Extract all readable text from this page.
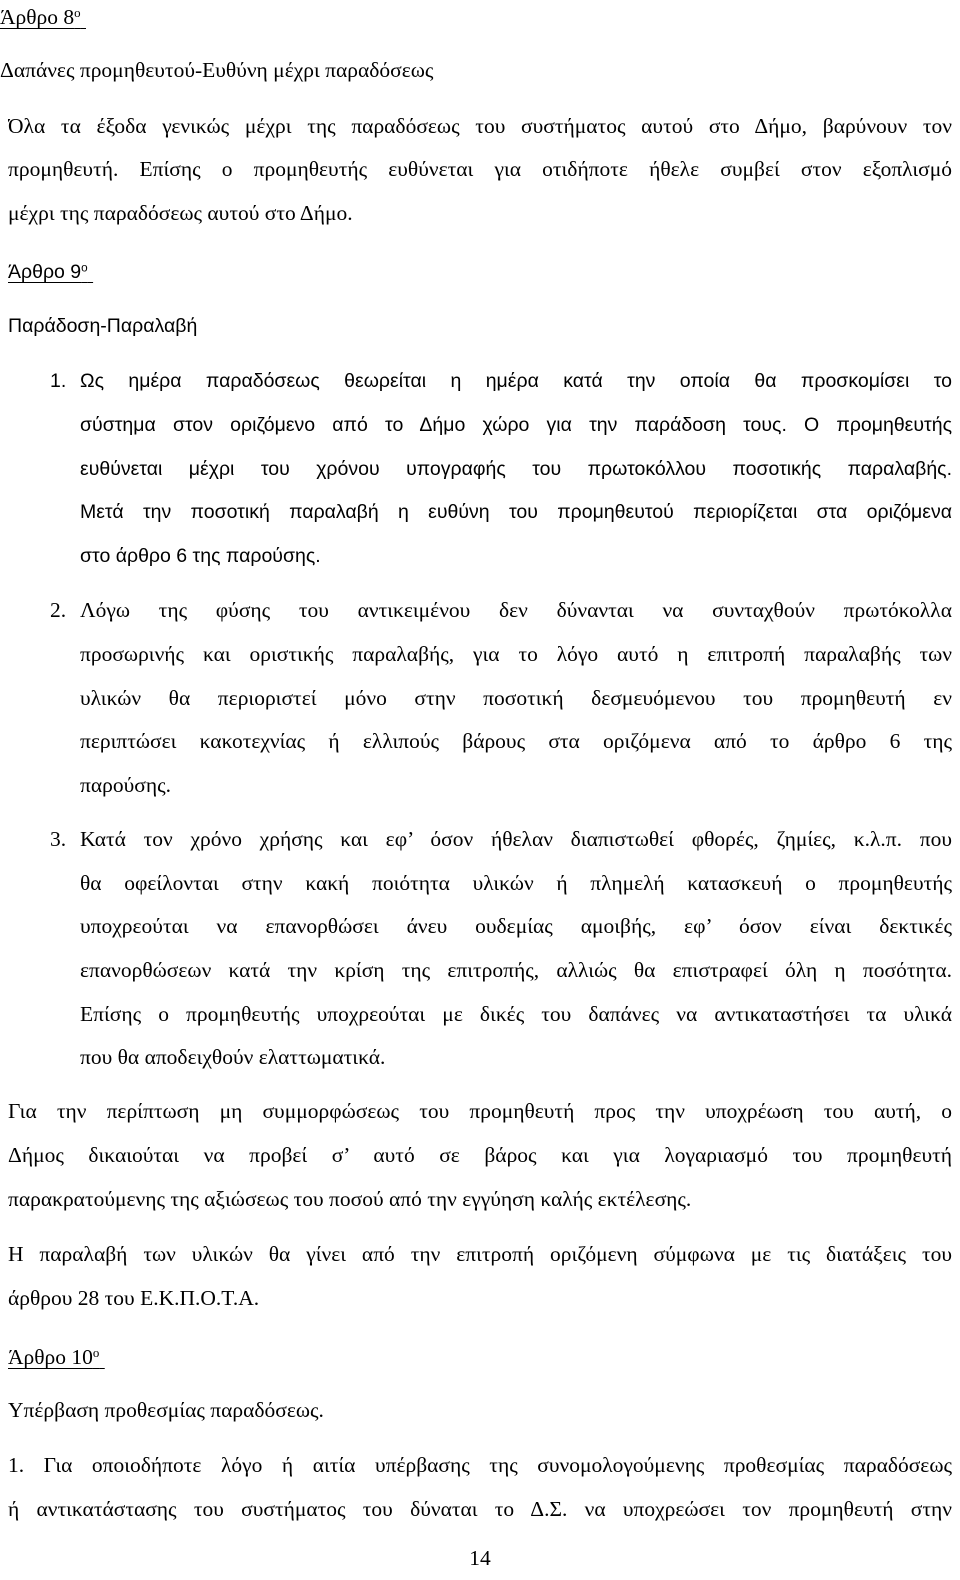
Άρθρο $8^o$
Δαπάνες προμηθευτού-Ευθύνη μέχρι παραδόσεως
Όλα τα έξοδα γενικώς μέχρι της παραδόσεως του συστήματος αυτού στο Δήμο, βαρύνουν τον
προμηθευτή. Επίσης ο προμηθευτής ευθύνεται για οτιδήποτε ήθελε συμβεί στον εξοπλισμό
μέχρι της παραδόσεως αυτού στο Δήμο.
Άρθρο $9^o$
Παράδοση-Παραλαβή
1. Ως ημέρα παραδόσεως θεωρείται η ημέρα κατά την οποία θα προσκομίσει το
σύστημα στον οριζόμενο από το Δήμο χώρο για την παράδοση τους. Ο προμηθευτής
ευθύνεται μέχρι του χρόνου υπογραφής του πρωτοκόλλου ποσοτικής παραλαβής.
Μετά την ποσοτική παραλαβή η ευθύνη του προμηθευτού περιορίζεται στα οριζόμενα
στο άρθρο 6 της παρούσης.
2. Λόγω της φύσης του αντικειμένου δεν δύνανται να συνταχθούν πρωτόκολλα
προσωρινής και οριστικής παραλαβής, για το λόγο αυτό η επιτροπή παραλαβής των
υλικών θα περιοριστεί μόνο στην ποσοτική δεσμευόμενου του προμηθευτή εν
περιπτώσει κακοτεχνίας ή ελλιπούς βάρους στα οριζόμενα από το άρθρο 6 της
παρούσης.
3. Κατά τον χρόνο χρήσης και εφ’ όσον ήθελαν διαπιστωθεί φθορές, ζημίες, κ.λ.π. που
θα οφείλονται στην κακή ποιότητα υλικών ή πλημελή κατασκευή ο προμηθευτής
υποχρεούται να επανορθώσει άνευ ουδεμίας αμοιβής, εφ’ όσον είναι δεκτικές
επανορθώσεων κατά την κρίση της επιτροπής, αλλιώς θα επιστραφεί όλη η ποσότητα.
Επίσης ο προμηθευτής υποχρεούται με δικές του δαπάνες να αντικαταστήσει τα υλικά
που θα αποδειχθούν ελαττωματικά.
Για την περίπτωση μη συμμορφώσεως του προμηθευτή προς την υποχρέωση του αυτή, ο
Δήμος δικαιούται να προβεί σ’ αυτό σε βάρος και για λογαριασμό του προμηθευτή
παρακρατούμενης της αξιώσεως του ποσού από την εγγύηση καλής εκτέλεσης.
Η παραλαβή των υλικών θα γίνει από την επιτροπή οριζόμενη σύμφωνα με τις διατάξεις του
άρθρου 28 του Ε.Κ.Π.Ο.Τ.Α.
Άρθρο $10^o$
Υπέρβαση προθεσμίας παραδόσεως.
1. Για οποιοδήποτε λόγο ή αιτία υπέρβασης της συνομολογούμενης προθεσμίας παραδόσεως
ή αντικατάστασης του συστήματος του δύναται το Δ.Σ. να υποχρεώσει τον προμηθευτή στην
14
